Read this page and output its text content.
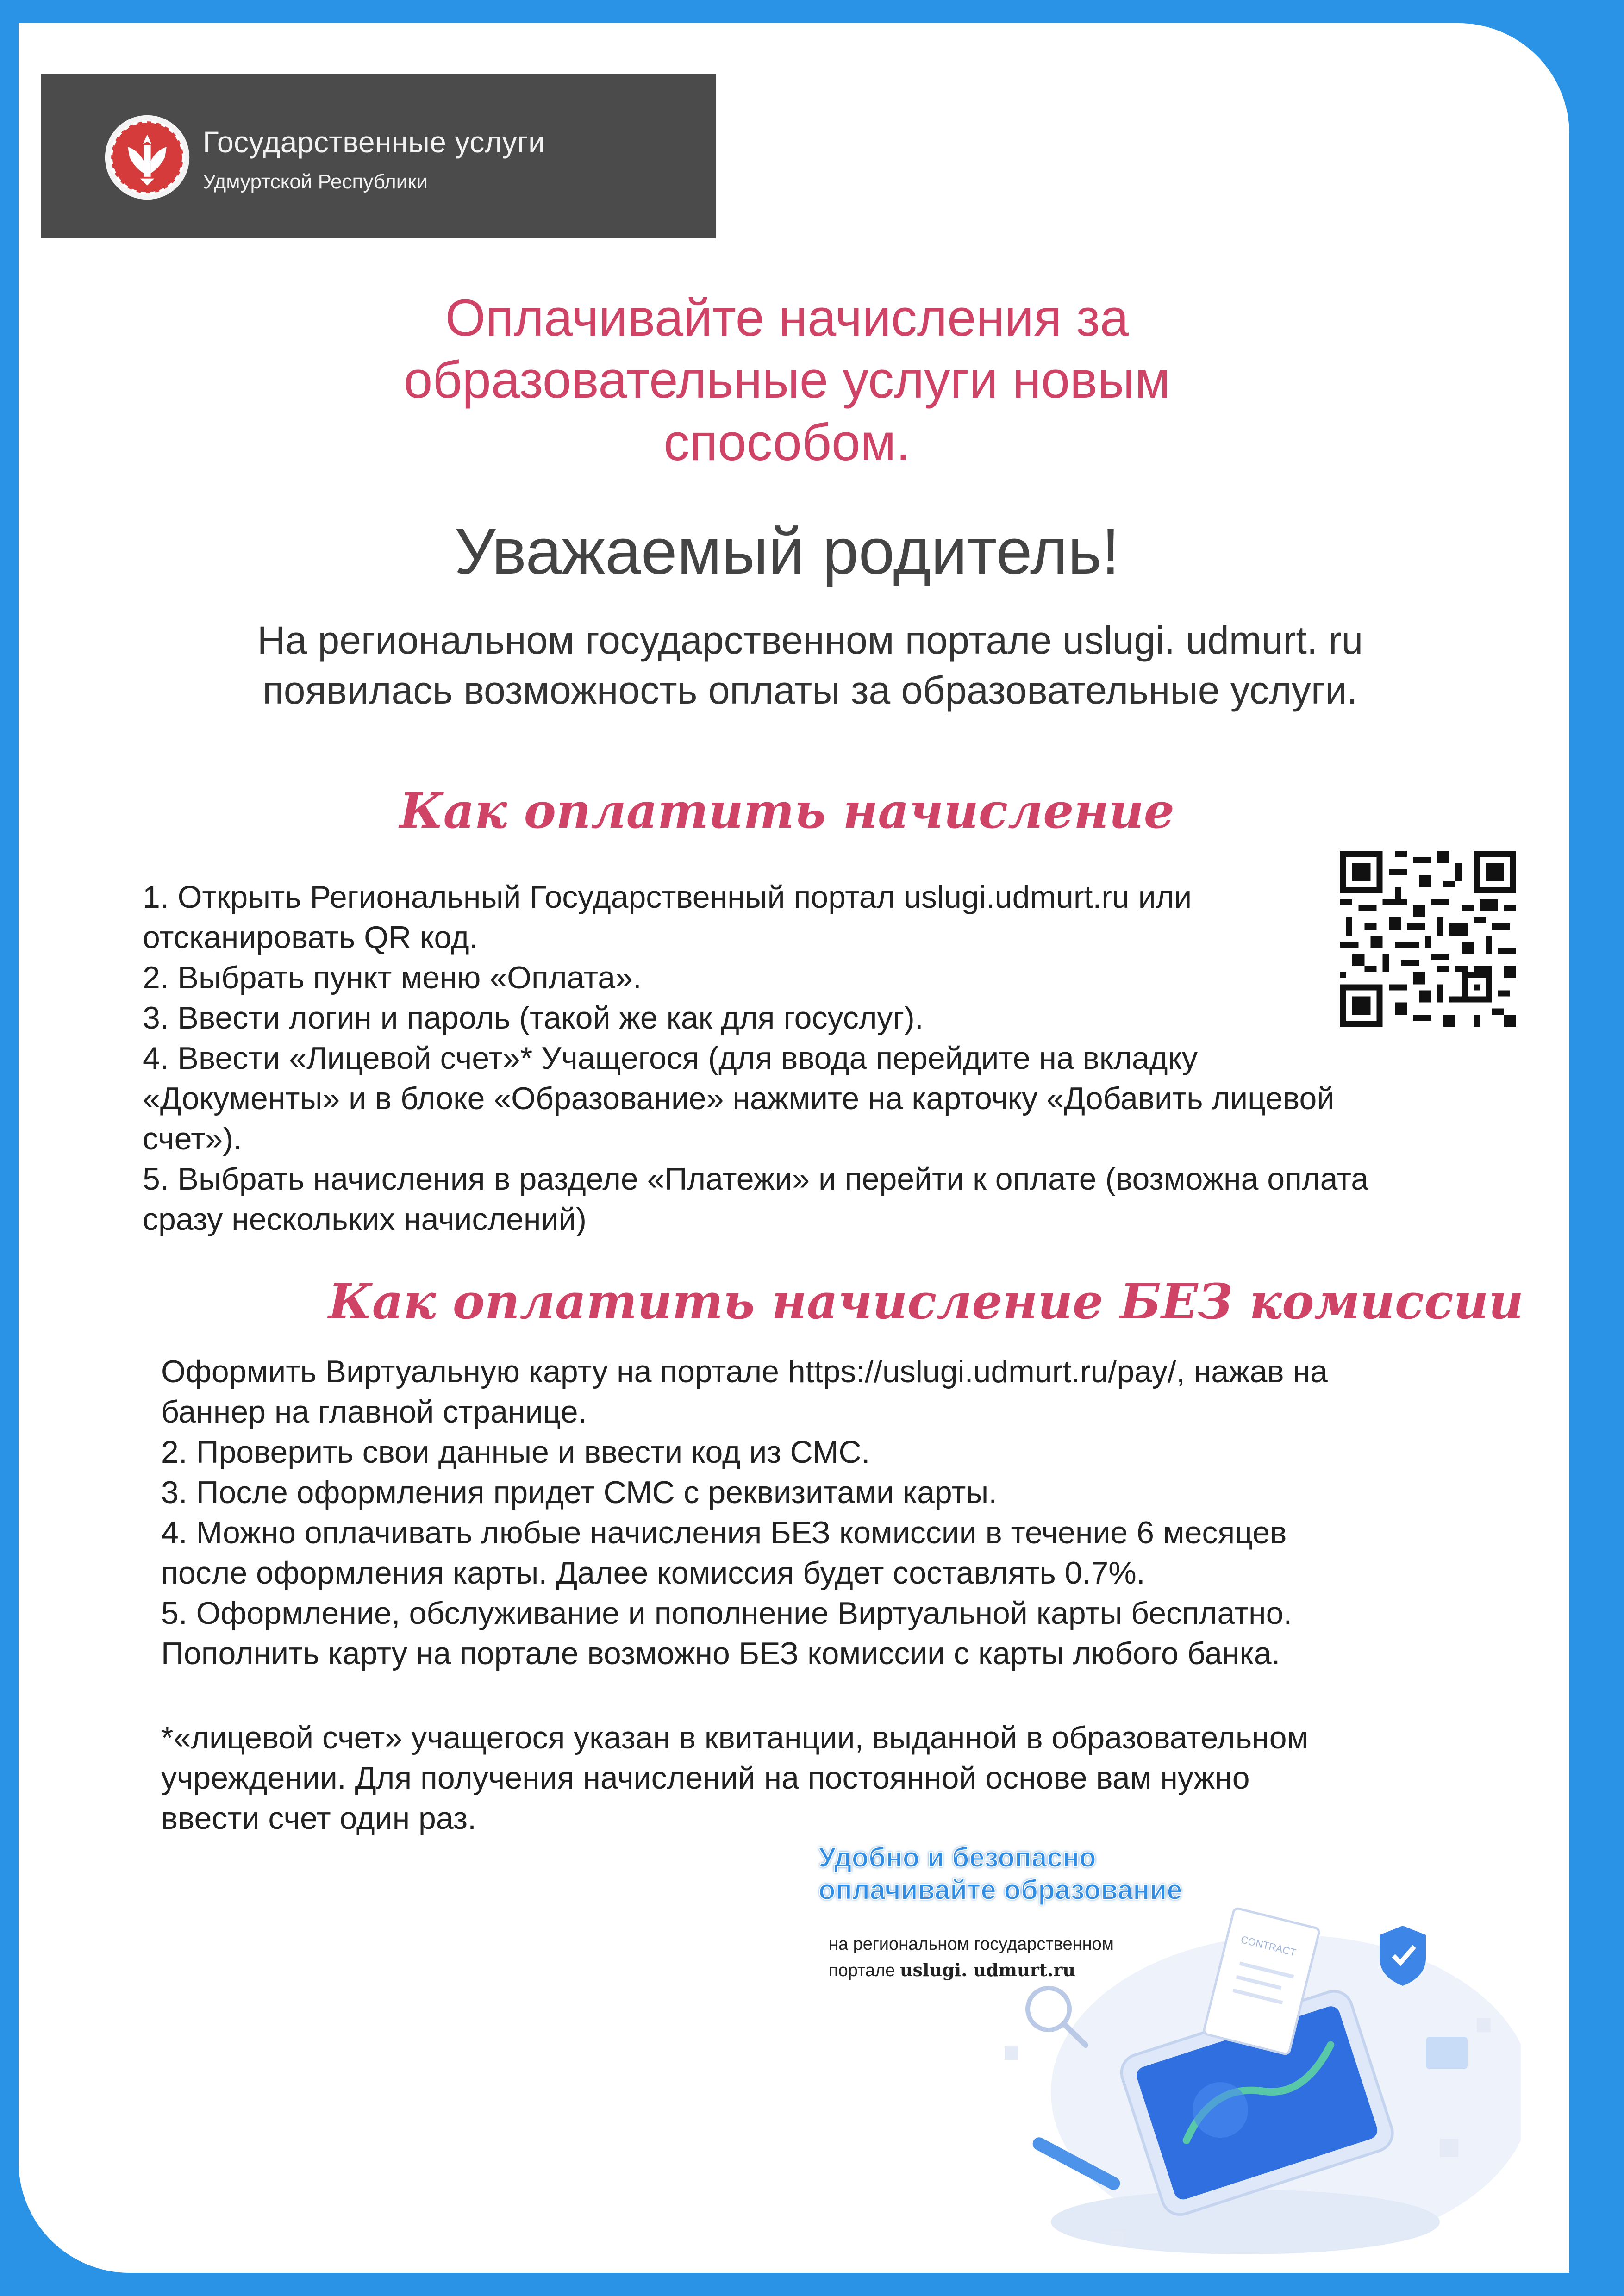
Государственные услуги
Удмуртской Республики
Оплачивайте начисления за
образовательные услуги новым
способом.
Уважаемый родитель!
На региональном государственном портале uslugi. udmurt. ru
появилась возможность оплаты за образовательные услуги.
Как оплатить начисление
1. Открыть Региональный Государственный портал uslugi.udmurt.ru или
отсканировать QR код.
2. Выбрать пункт меню «Оплата».
3. Ввести логин и пароль (такой же как для госуслуг).
4. Ввести «Лицевой счет»* Учащегося (для ввода перейдите на вкладку
«Документы» и в блоке «Образование» нажмите на карточку «Добавить лицевой
счет»).
5. Выбрать начисления в разделе «Платежи» и перейти к оплате (возможна оплата
сразу нескольких начислений)
Как оплатить начисление БЕЗ комиссии
Оформить Виртуальную карту на портале https://uslugi.udmurt.ru/pay/, нажав на
баннер на главной странице.
2. Проверить свои данные и ввести код из СМС.
3. После оформления придет СМС с реквизитами карты.
4. Можно оплачивать любые начисления БЕЗ комиссии в течение 6 месяцев
после оформления карты. Далее комиссия будет составлять 0.7%.
5. Оформление, обслуживание и пополнение Виртуальной карты бесплатно.
Пополнить карту на портале возможно БЕЗ комиссии с карты любого банка.
*«лицевой счет» учащегося указан в квитанции, выданной в образовательном
учреждении. Для получения начислений на постоянной основе вам нужно
ввести счет один раз.
CONTRACT
Удобно и безопасно
оплачивайте образование
на региональном государственном
портале uslugi. udmurt.ru
